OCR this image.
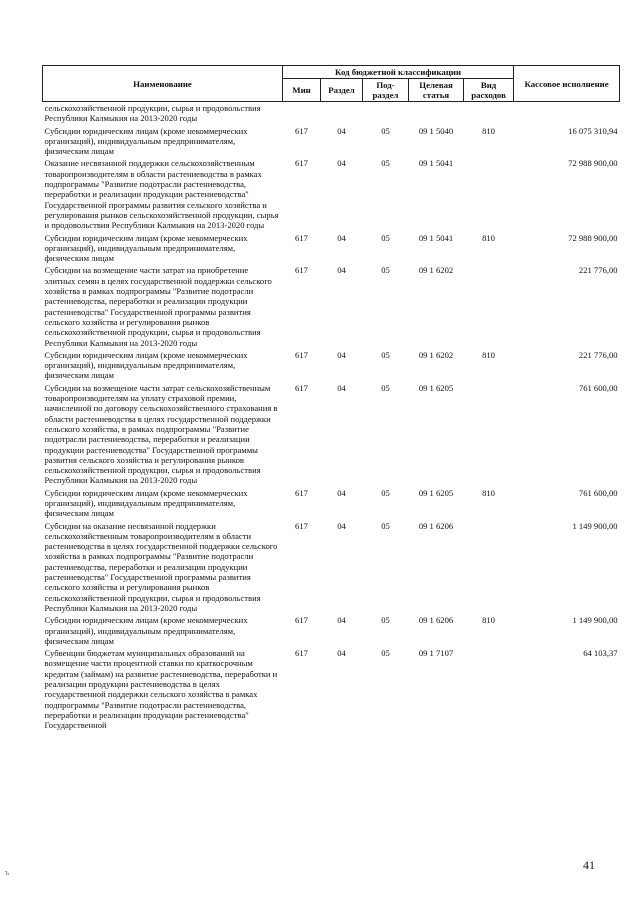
Наименование	Код бюджетной классификации					Кассовое исполнение
	Мин	Раздел	Под-раздел	Целевая статья	Вид расходов	
сельскохозяйственной продукции, сырья и продовольствия Республики Калмыкия на 2013-2020 годы						
Субсидии юридическим лицам (кроме некоммерческих организаций), индивидуальным предпринимателям, физическим лицам	617	04	05	09 1 5040	810	16 075 310,94
Оказание несвязанной поддержки сельскохозяйственным товаропроизводителям в области растениеводства в рамках подпрограммы "Развитие подотрасли растениеводства, переработки и реализации продукции растениеводства" Государственной программы развития сельского хозяйства и регулирования рынков сельскохозяйственной продукции, сырья и продовольствия Республики Калмыкия на 2013-2020 годы	617	04	05	09 1 5041		72 988 900,00
Субсидии юридическим лицам (кроме некоммерческих организаций), индивидуальным предпринимателям, физическим лицам	617	04	05	09 1 5041	810	72 988 900,00
Субсидии на возмещение части затрат на приобретение элитных семян в целях государственной поддержки сельского хозяйства в рамках подпрограммы "Развитие подотрасли растениеводства, переработки и реализации продукции растениеводства" Государственной программы развития сельского хозяйства и регулирования рынков сельскохозяйственной продукции, сырья и продовольствия Республики Калмыкия на 2013-2020 годы	617	04	05	09 1 6202		221 776,00
Субсидии юридическим лицам (кроме некоммерческих организаций), индивидуальным предпринимателям, физическим лицам	617	04	05	09 1 6202	810	221 776,00
Субсидии на возмещение части затрат сельскохозяйственным товаропроизводителям на уплату страховой премии, начисленной по договору сельскохозяйственного страхования в области растениеводства в целях государственной поддержки сельского хозяйства, в рамках подпрограммы "Развитие подотрасли растениеводства, переработки и реализации продукции растениеводства" Государственной программы развития сельского хозяйства и регулирования рынков сельскохозяйственной продукции, сырья и продовольствия Республики Калмыкия на 2013-2020 годы	617	04	05	09 1 6205		761 600,00
Субсидии юридическим лицам (кроме некоммерческих организаций), индивидуальным предпринимателям, физическим лицам	617	04	05	09 1 6205	810	761 600,00
Субсидии на оказание несвязанной поддержки сельскохозяйственным товаропроизводителям в области растениеводства в целях государственной поддержки сельского хозяйства в рамках подпрограммы "Развитие подотрасли растениеводства, переработки и реализации продукции растениеводства" Государственной программы развития сельского хозяйства и регулирования рынков сельскохозяйственной продукции, сырья и продовольствия Республики Калмыкия на 2013-2020 годы	617	04	05	09 1 6206		1 149 900,00
Субсидии юридическим лицам (кроме некоммерческих организаций), индивидуальным предпринимателям, физическим лицам	617	04	05	09 1 6206	810	1 149 900,00
Субвенции бюджетам муниципальных образований на возмещение части процентной ставки по краткосрочным кредитам (займам) на развитие растениеводства, переработки и реализации продукции растениеводства в целях государственной поддержки сельского хозяйства в рамках подпрограммы "Развитие подотрасли растениеводства, переработки и реализации продукции растениеводства" Государственной	617	04	05	09 1 7107		64 103,37
ъ
41
